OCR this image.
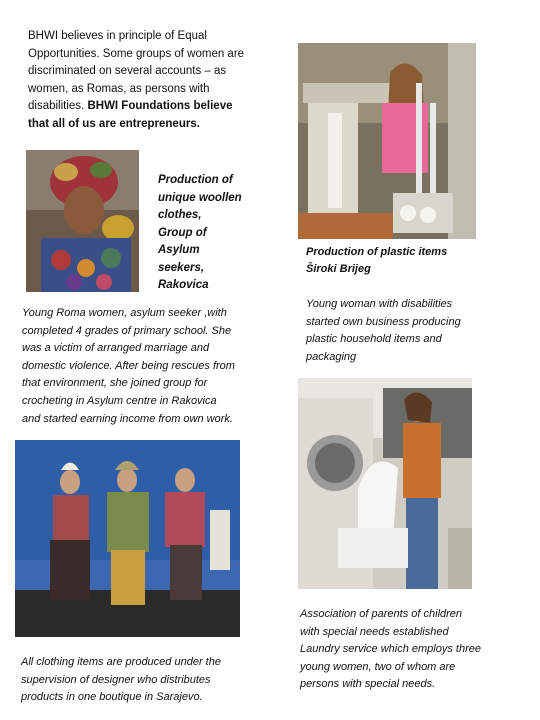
BHWI believes in principle of Equal
Opportunities. Some groups of women are
discriminated on several accounts – as
women, as Romas, as persons with
disabilities. BHWI Foundations believe
that all of us are entrepreneurs.
Production of
unique woollen
clothes,
Group of
Asylum
seekers,
Rakovica
Young Roma women, asylum seeker ,with
completed 4 grades of primary school. She
was a victim of arranged marriage and
domestic violence. After being rescues from
that environment, she joined group for
crocheting in Asylum centre in Rakovica
and started earning income from own work.
Production of plastic items
Široki Brijeg
Young woman with disabilities
started own business producing
plastic household items and
packaging
All clothing items are produced under the
supervision of designer who distributes
products in one boutique in Sarajevo.
Association of parents of children
with special needs established
Laundry service which employs three
young women, two of whom are
persons with special needs.
